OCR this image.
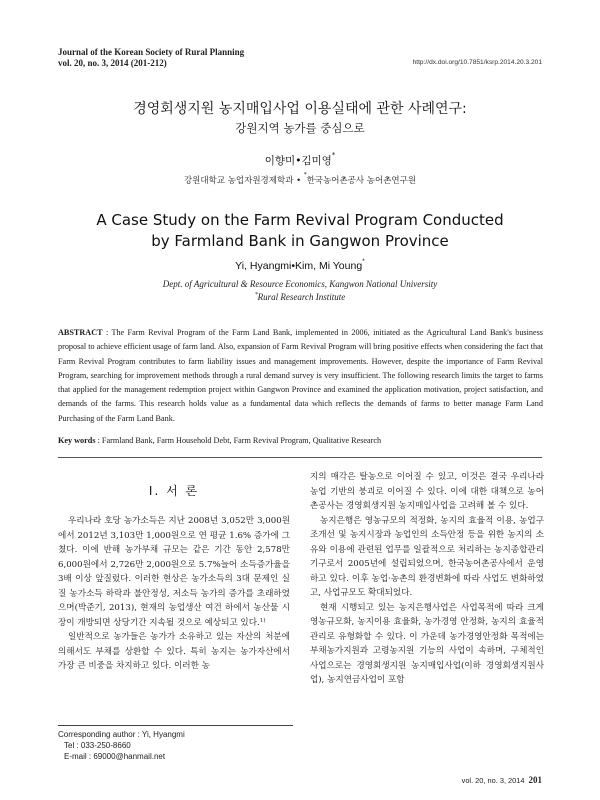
Journal of the Korean Society of Rural Planning
vol. 20, no. 3, 2014 (201-212)	http://dx.doi.org/10.7851/ksrp.2014.20.3.201
경영회생지원 농지매입사업 이용실태에 관한 사례연구:
강원지역 농가를 중심으로
이향미•김미영*
강원대학교 농업자원경제학과 • *한국농어촌공사 농어촌연구원
A Case Study on the Farm Revival Program Conducted
by Farmland Bank in Gangwon Province
Yi, Hyangmi•Kim, Mi Young*
Dept. of Agricultural & Resource Economics, Kangwon National University
*Rural Research Institute
ABSTRACT : The Farm Revival Program of the Farm Land Bank, implemented in 2006, initiated as the Agricultural Land Bank's business proposal to achieve efficient usage of farm land. Also, expansion of Farm Revival Program will bring positive effects when considering the fact that Farm Revival Program contributes to farm liability issues and management improvements. However, despite the importance of Farm Revival Program, searching for improvement methods through a rural demand survey is very insufficient. The following research limits the target to farms that applied for the management redemption project within Gangwon Province and examined the application motivation, project satisfaction, and demands of the farms. This research holds value as a fundamental data which reflects the demands of farms to better manage Farm Land Purchasing of the Farm Land Bank.
Key words : Farmland Bank, Farm Household Debt, Farm Revival Program, Qualitative Research
Ⅰ. 서 론

우리나라 호당 농가소득은 지난 2008년 3,052만 3,000원에서 2012년 3,103만 1,000원으로 연 평균 1.6% 증가에 그쳤다. 이에 반해 농가부채 규모는 같은 기간 동안 2,578만 6,000원에서 2,726만 2,000원으로 5.7%늘어 소득증가율을 3배 이상 앞질렀다. 이러한 현상은 농가소득의 3대 문제인 실질 농가소득 하락과 불안정성, 저소득 농가의 증가를 초래하였으며(박준기, 2013), 현재의 농업생산 여건 하에서 농산물 시장이 개방되면 상당기간 지속될 것으로 예상되고 있다.$^{1)}$

일반적으로 농가들은 농가가 소유하고 있는 자산의 처분에 의해서도 부채를 상환할 수 있다. 특히 농지는 농가자산에서 가장 큰 비중을 차지하고 있다. 이러한 농

지의 매각은 탈농으로 이어질 수 있고, 이것은 결국 우리나라 농업 기반의 붕괴로 이어질 수 있다. 이에 대한 대책으로 농어촌공사는 경영회생지원 농지매입사업을 고려해 볼 수 있다.

농지은행은 영농규모의 적정화, 농지의 효율적 이용, 농업구조개선 및 농지시장과 농업인의 소득안정 등을 위한 농지의 소유와 이용에 관련된 업무를 일괄적으로 처리하는 농지종합관리기구로서 2005년에 설립되었으며, 한국농어촌공사에서 운영하고 있다. 이후 농업·농촌의 환경변화에 따라 사업도 변화하였고, 사업규모도 확대되었다.

현재 시행되고 있는 농지은행사업은 사업목적에 따라 크게 영농규모화, 농지이용 효율화, 농가경영 안정화, 농지의 효율적 관리로 유형화할 수 있다. 이 가운데 농가경영안정화 목적에는 부채농가지원과 고령농지원 기능의 사업이 속하며, 구체적인 사업으로는 경영회생지원 농지매입사업(이하 경영회생지원사업), 농지연금사업이 포함

Corresponding author : Yi, Hyangmi
Tel : 033-250-8660
E-mail : 69000@hanmail.net
vol. 20, no. 3, 2014 201
